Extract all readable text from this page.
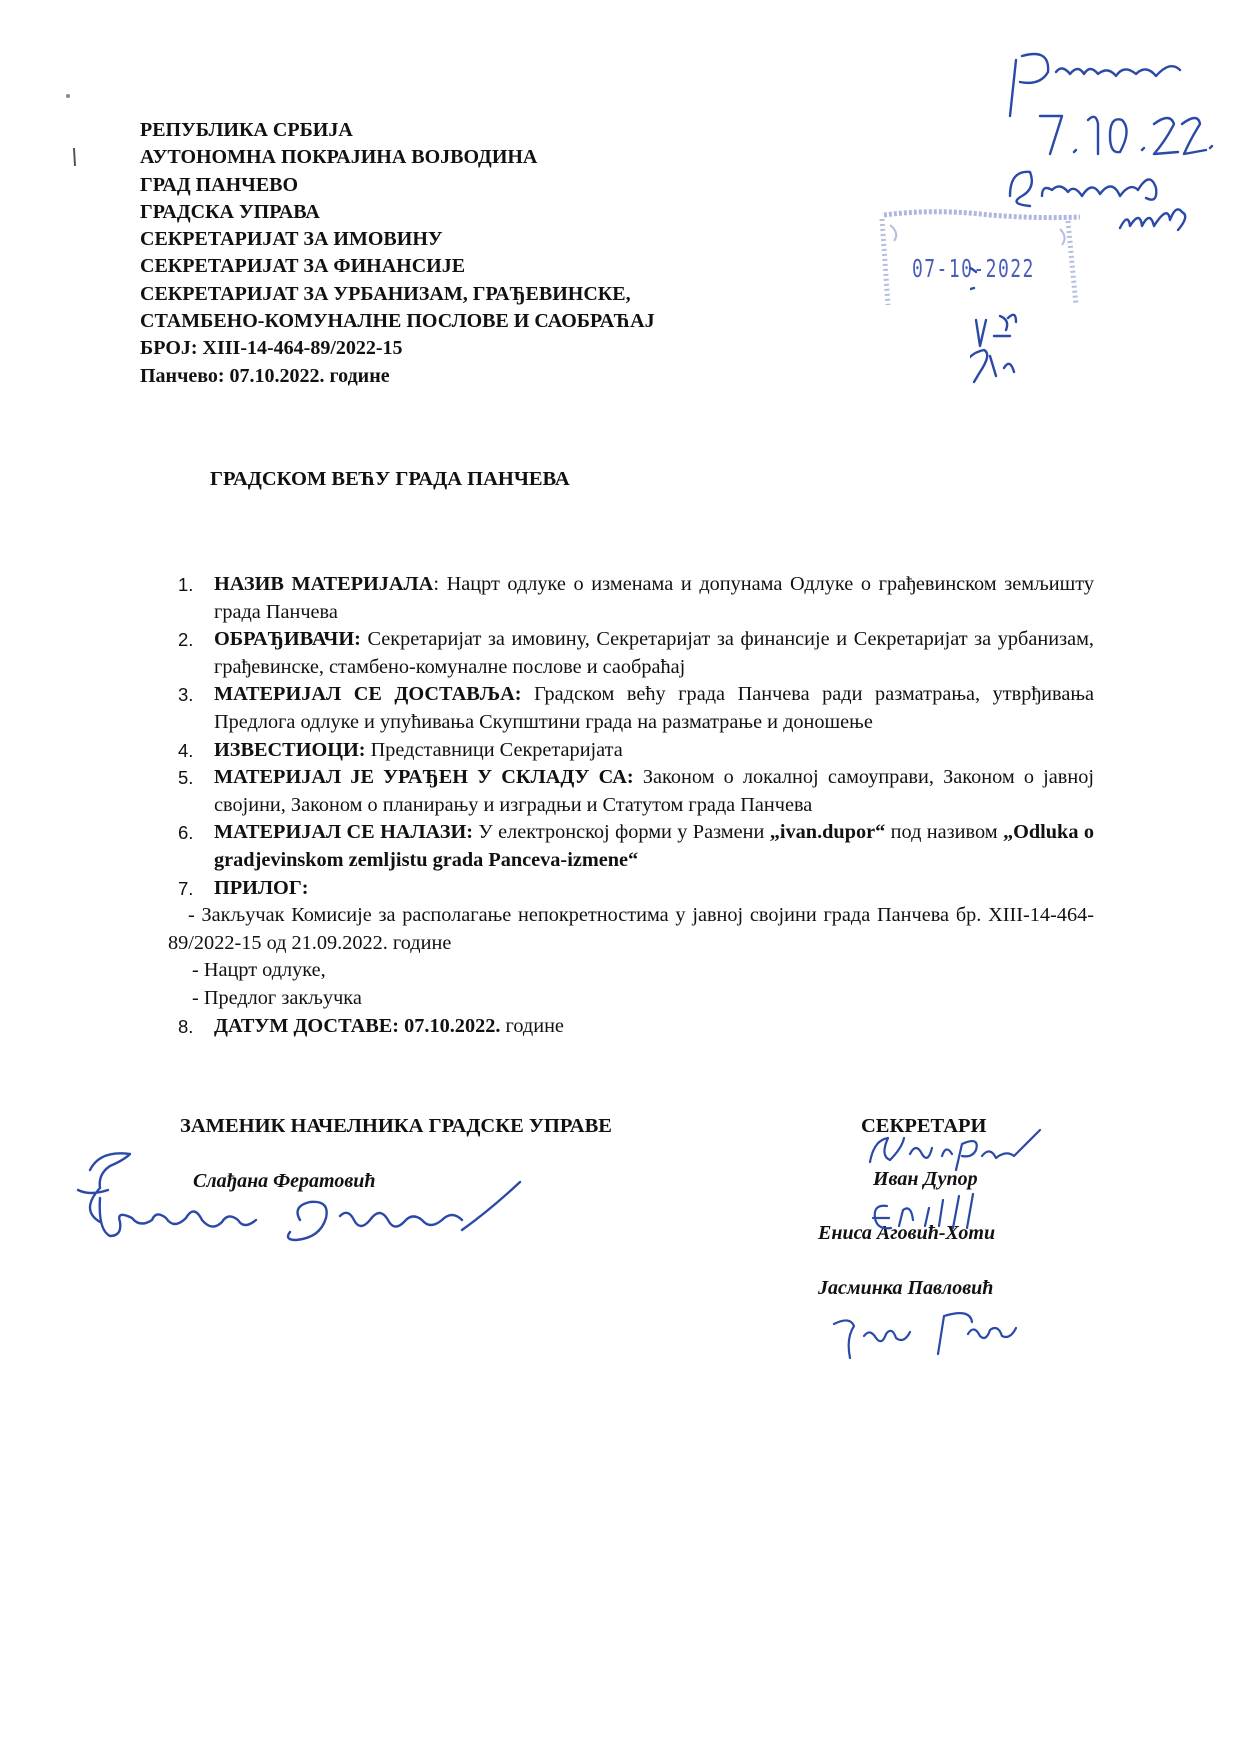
РЕПУБЛИКА СРБИЈА
АУТОНОМНА ПОКРАЈИНА ВОЈВОДИНА
ГРАД ПАНЧЕВО
ГРАДСКА УПРАВА
СЕКРЕТАРИЈАТ ЗА ИМОВИНУ
СЕКРЕТАРИЈАТ ЗА ФИНАНСИЈЕ
СЕКРЕТАРИЈАТ ЗА УРБАНИЗАМ, ГРАЂЕВИНСКЕ,
СТАМБЕНО-КОМУНАЛНЕ ПОСЛОВЕ И САОБРАЋАЈ
БРОЈ: XIII-14-464-89/2022-15
Панчево: 07.10.2022. године
ГРАДСКОМ ВЕЋУ ГРАДА ПАНЧЕВА
1. НАЗИВ МАТЕРИЈАЛА: Нацрт одлуке о изменама и допунама Одлуке о грађевинском земљишту града Панчева
2. ОБРАЂИВАЧИ: Секретаријат за имовину, Секретаријат за финансије и Секретаријат за урбанизам, грађевинске, стамбено-комуналне послове и саобраћај
3. МАТЕРИЈАЛ СЕ ДОСТАВЉА: Градском већу града Панчева ради разматрања, утврђивања Предлога одлуке и упућивања Скупштини града на разматрање и доношење
4. ИЗВЕСТИОЦИ: Представници Секретаријата
5. МАТЕРИЈАЛ ЈЕ УРАЂЕН У СКЛАДУ СА: Законом о локалној самоуправи, Законом о јавној својини, Законом о планирању и изградњи и Статутом града Панчева
6. МАТЕРИЈАЛ СЕ НАЛАЗИ: У електронској форми у Размени „ivan.dupor“ под називом „Odluka o gradjevinskom zemljistu grada Panceva-izmene“
7. ПРИЛОГ:
- Закључак Комисије за располагање непокретностима у јавној својини града Панчева бр. XIII-14-464-89/2022-15 од 21.09.2022. године
- Нацрт одлуке,
- Предлог закључка
8. ДАТУМ ДОСТАВЕ: 07.10.2022. године
ЗАМЕНИК НАЧЕЛНИКА ГРАДСКЕ УПРАВЕ
Слађана Ферaтовић
СЕКРЕТАРИ
Иван Дупор
Eниса Аговић-Хоти
Јасминка Павловић
07-10-2022
